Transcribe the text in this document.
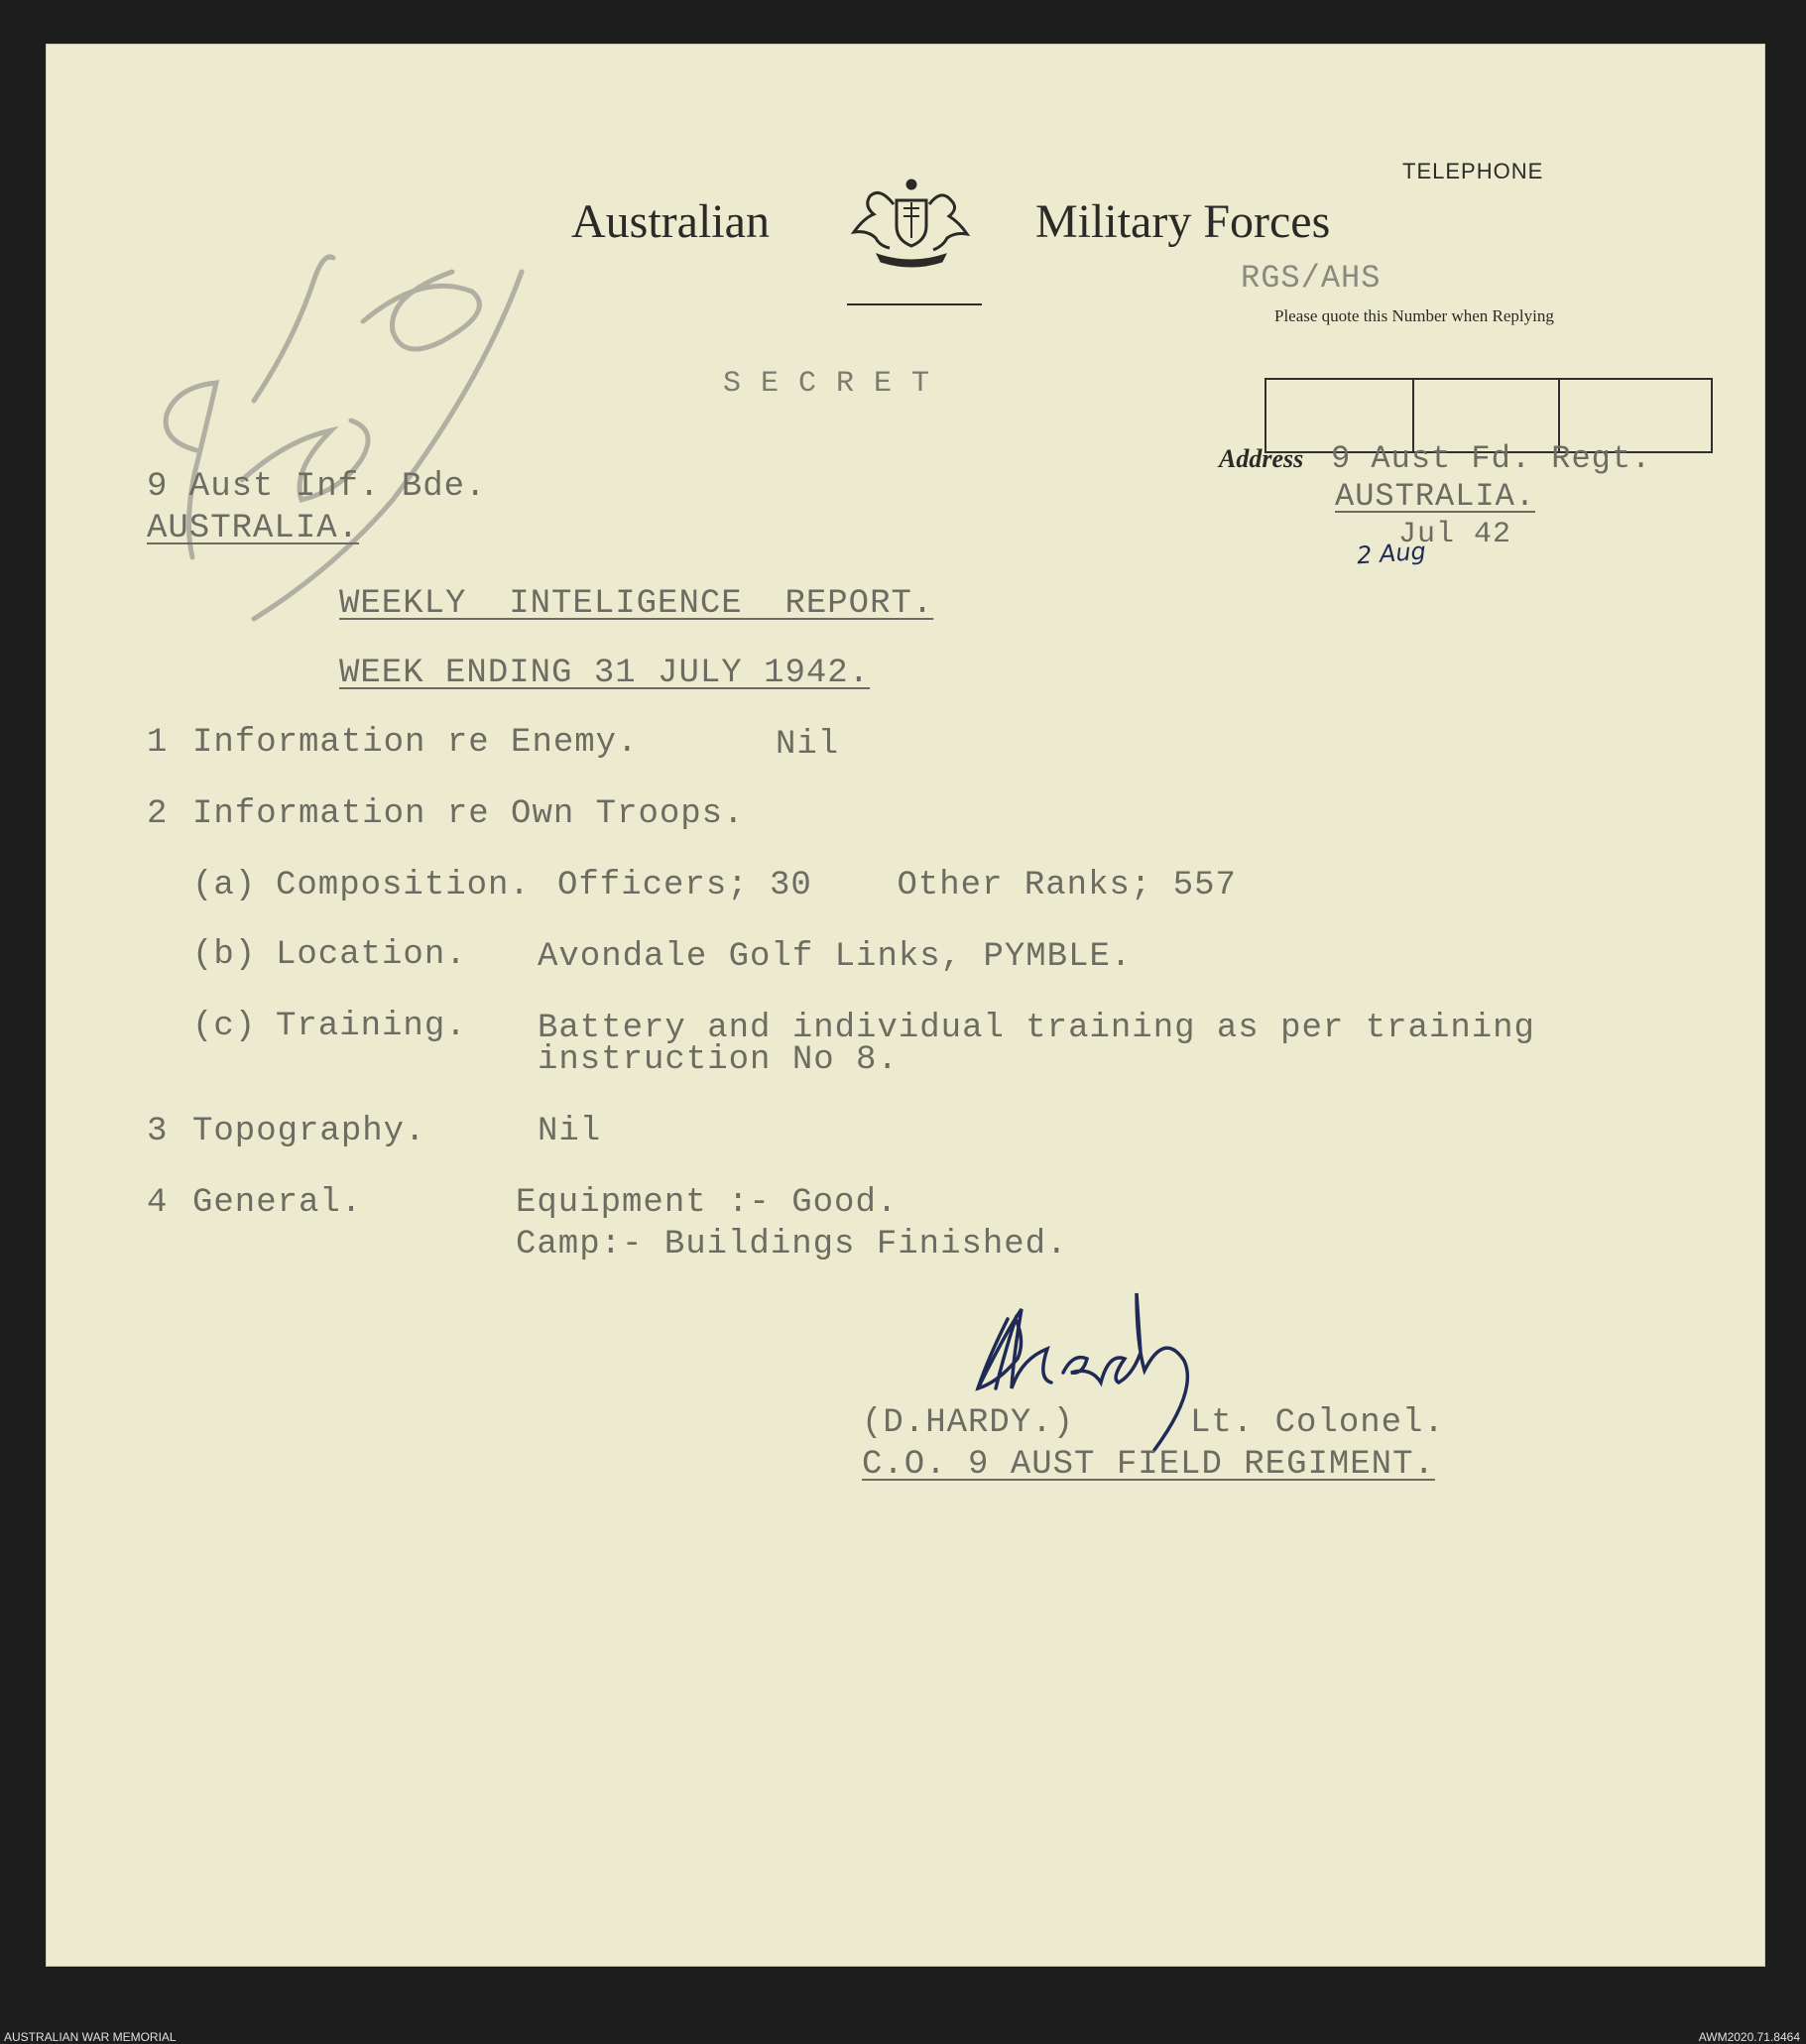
Australian	Military Forces
TELEPHONE
RGS/AHS
Please quote this Number when Replying
Address 9 Aust Fd. Regt.
AUSTRALIA.
Jul 42
2 Aug
S E C R E T
9 Aust Inf. Bde.
AUSTRALIA.
WEEKLY  INTELIGENCE  REPORT.
WEEK ENDING 31 JULY 1942.
1 Information re Enemy.	Nil
2 Information re Own Troops.
(a) Composition. Officers; 30    Other Ranks; 557
(b) Location. Avondale Golf Links, PYMBLE.
(c) Training. Battery and individual training as per training
instruction No 8.
3 Topography.	Nil
4 General.	Equipment :- Good.
Camp:- Buildings Finished.
(D.HARDY.)	Lt. Colonel.
C.O. 9 AUST FIELD REGIMENT.
AUSTRALIAN WAR MEMORIAL	AWM2020.71.8464
